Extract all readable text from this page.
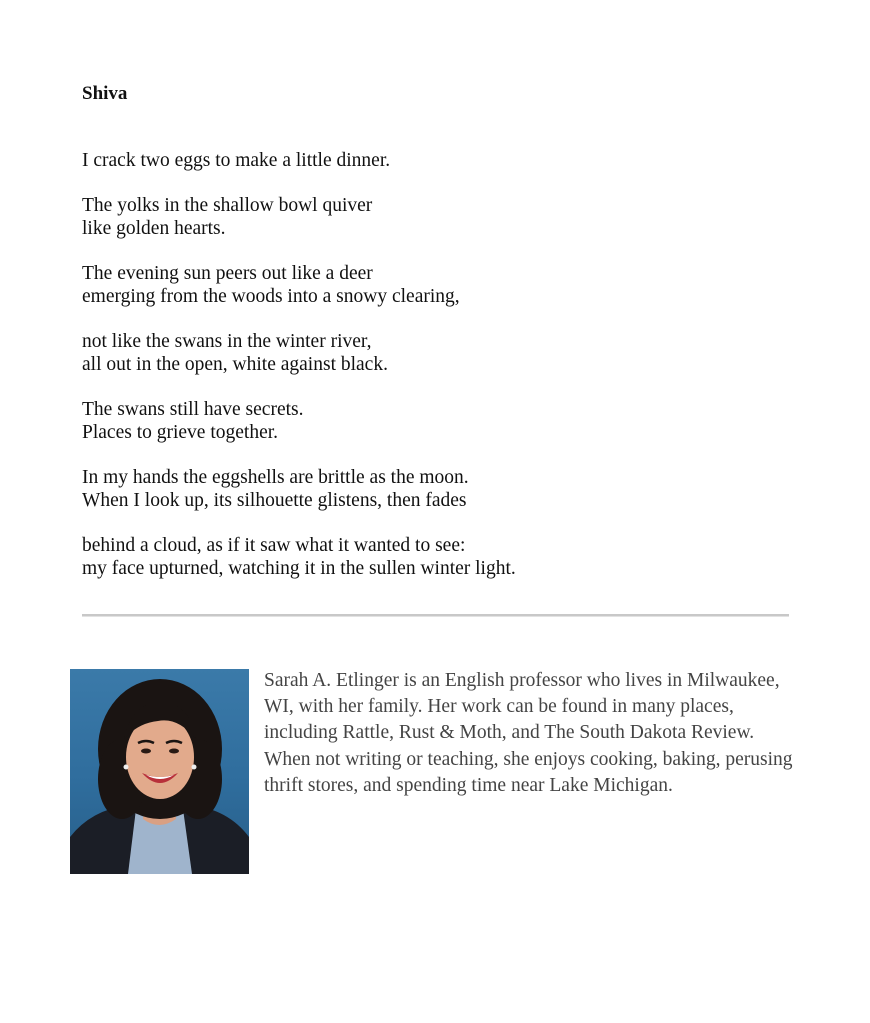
Shiva

I crack two eggs to make a little dinner.

The yolks in the shallow bowl quiver
like golden hearts.

The evening sun peers out like a deer
emerging from the woods into a snowy clearing,

not like the swans in the winter river,
all out in the open, white against black.

The swans still have secrets.
Places to grieve together.

In my hands the eggshells are brittle as the moon.
When I look up, its silhouette glistens, then fades

behind a cloud, as if it saw what it wanted to see:
my face upturned, watching it in the sullen winter light.

Sarah A. Etlinger is an English professor who lives in Milwaukee, WI, with her family. Her work can be found in many places, including Rattle, Rust & Moth, and The South Dakota Review. When not writing or teaching, she enjoys cooking, baking, perusing thrift stores, and spending time near Lake Michigan.
